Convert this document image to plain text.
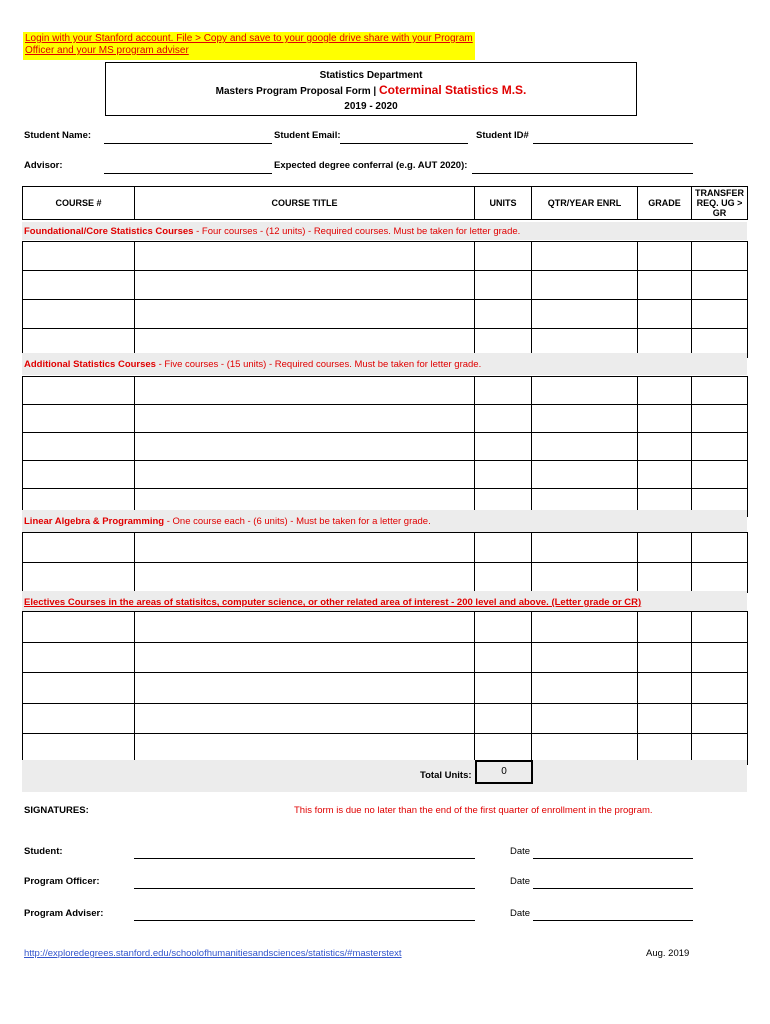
Login with your Stanford account. File > Copy and save to your google drive share with your Program Officer and your MS program adviser
Statistics Department
Masters Program Proposal Form | Coterminal Statistics M.S.
2019 - 2020
Student Name:	Student Email:	Student ID#
Advisor:	Expected degree conferral (e.g. AUT 2020):
COURSE #	COURSE TITLE	UNITS	QTR/YEAR ENRL	GRADE	TRANSFER REQ. UG > GR
Foundational/Core Statistics Courses - Four courses - (12 units) - Required courses. Must be taken for letter grade.

Additional Statistics Courses - Five courses - (15 units) - Required courses. Must be taken for letter grade.

Linear Algebra & Programming - One course each - (6 units) - Must be taken for a letter grade.

Electives Courses in the areas of statisitcs, computer science, or other related area of interest - 200 level and above. (Letter grade or CR)

Total Units:	0
SIGNATURES:	This form is due no later than the end of the first quarter of enrollment in the program.
Student:	Date
Program Officer:	Date
Program Adviser:	Date
http://exploredegrees.stanford.edu/schoolofhumanitiesandsciences/statistics/#masterstext	Aug. 2019
